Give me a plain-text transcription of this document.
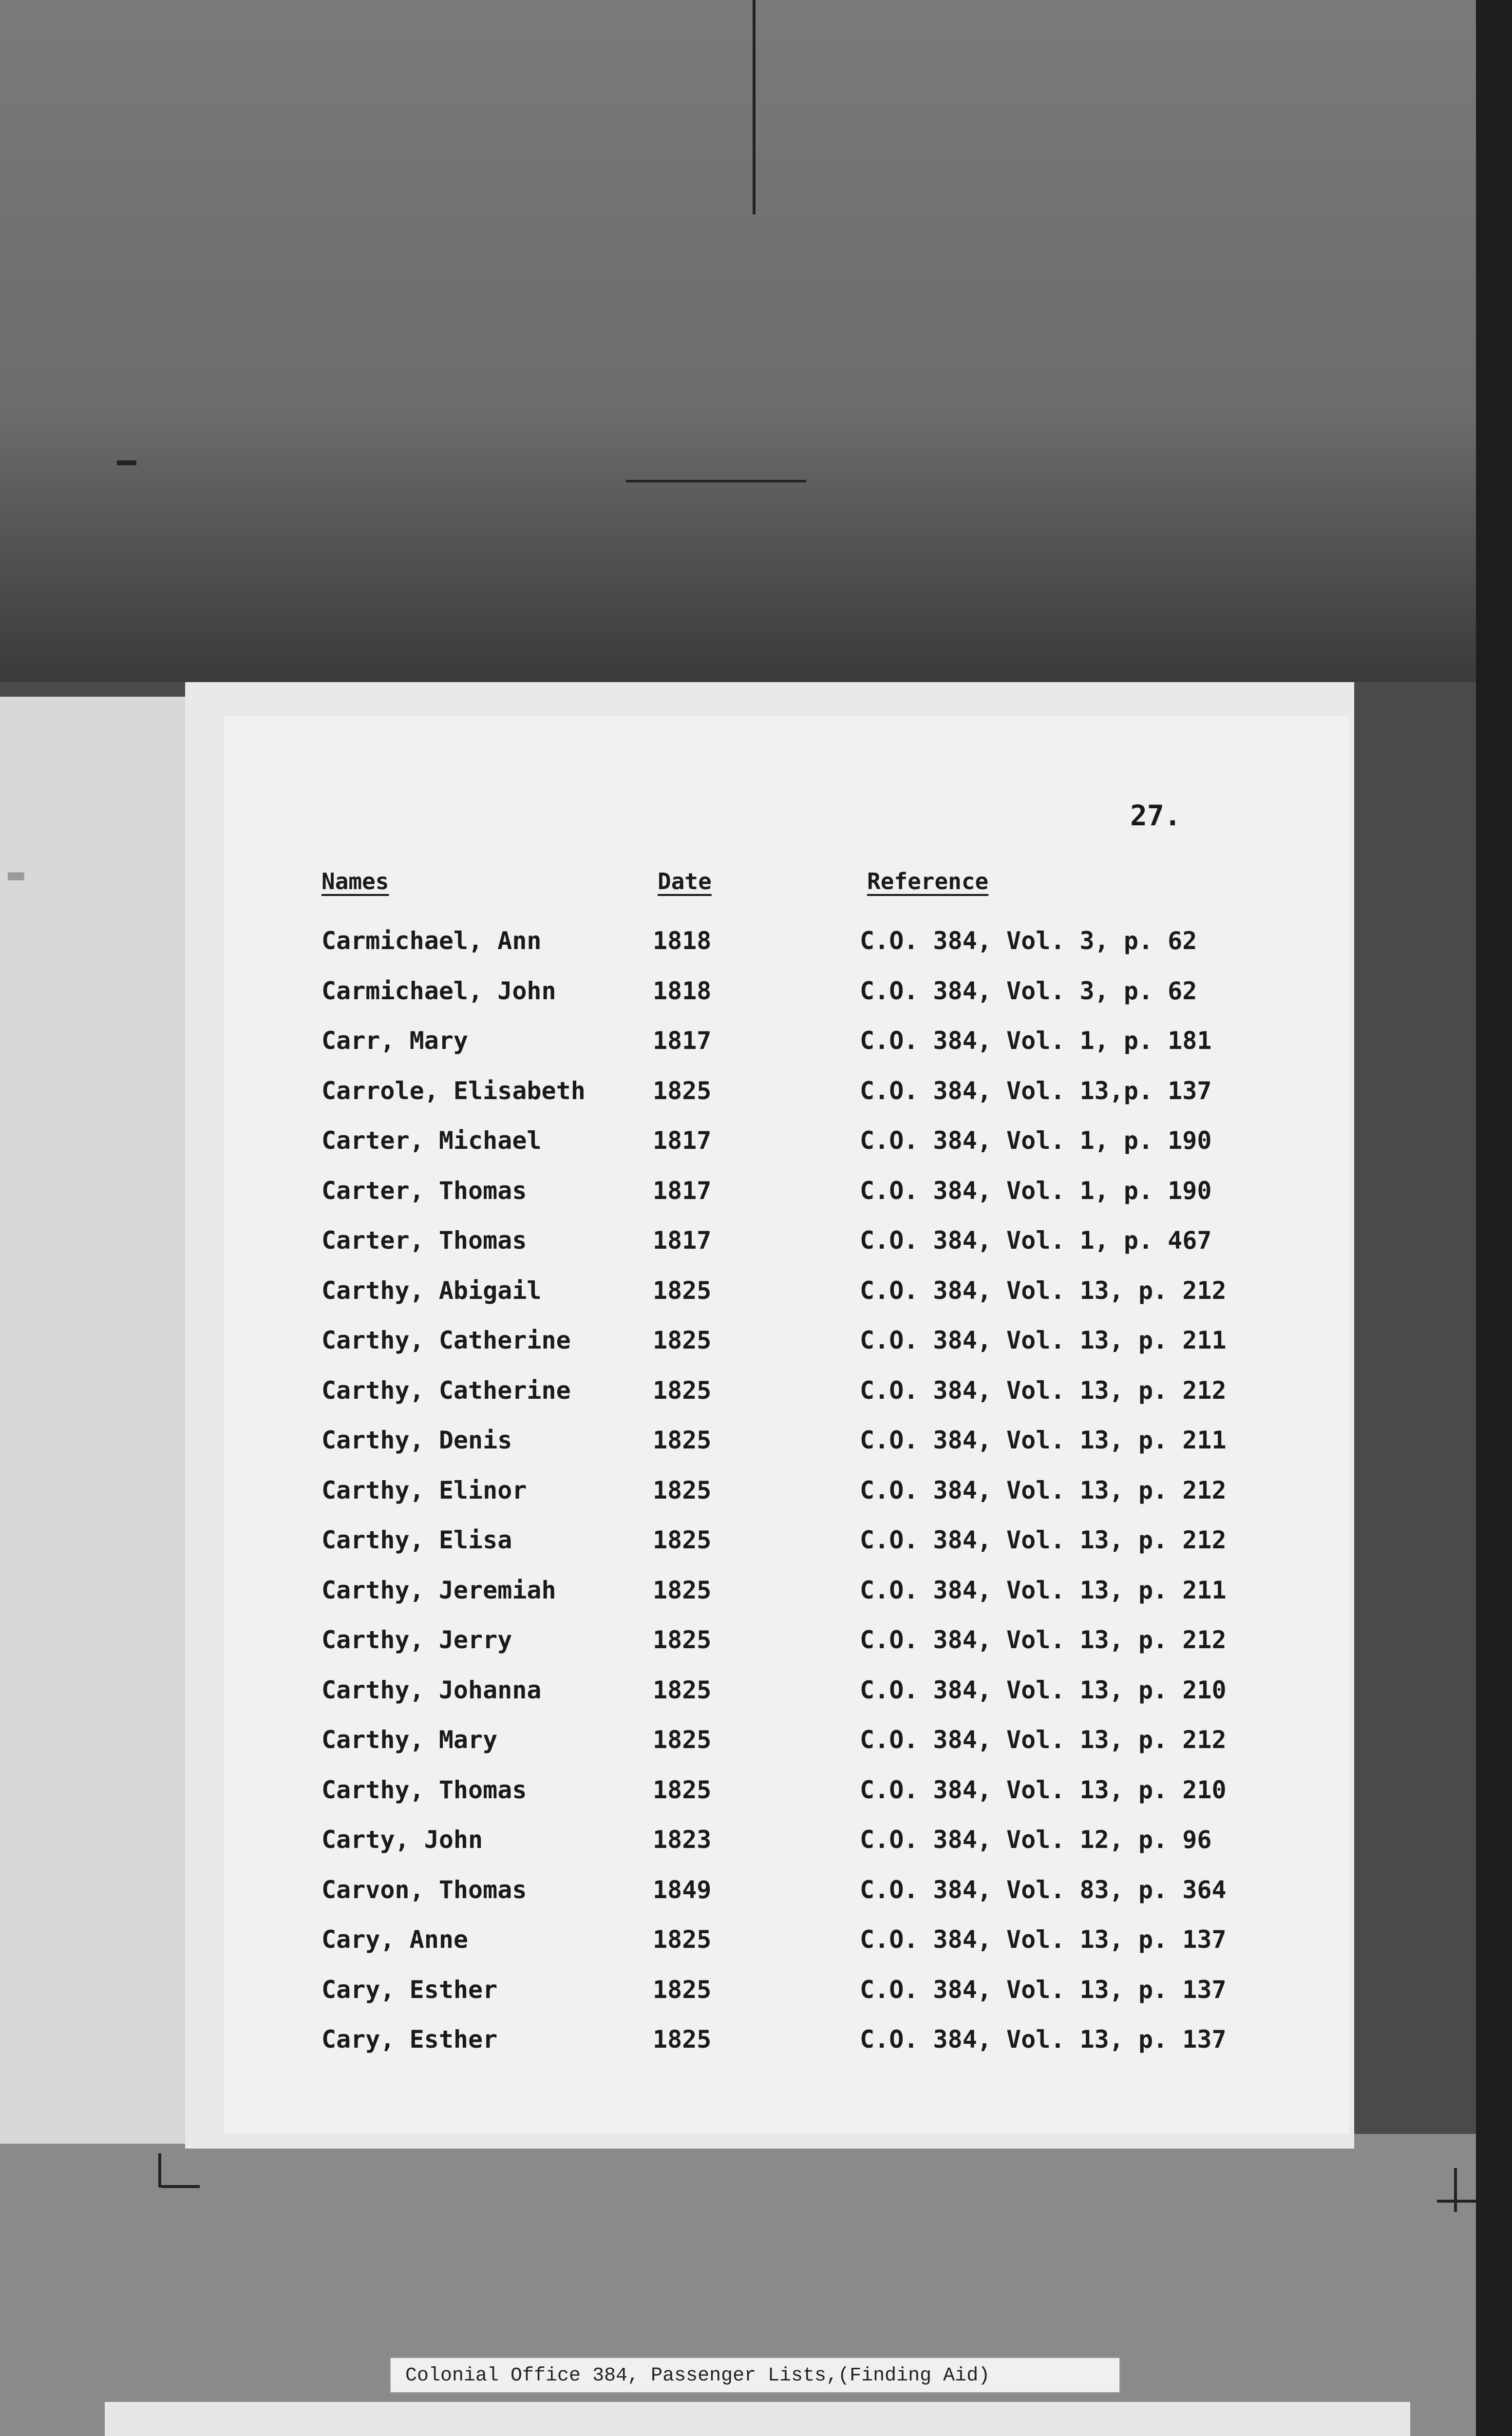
▬
27.
Names	Date	Reference
Carmichael, Ann	1818	C.O. 384, Vol. 3, p. 62
Carmichael, John	1818	C.O. 384, Vol. 3, p. 62
Carr, Mary	1817	C.O. 384, Vol. 1, p. 181
Carrole, Elisabeth	1825	C.O. 384, Vol. 13,p. 137
Carter, Michael	1817	C.O. 384, Vol. 1, p. 190
Carter, Thomas	1817	C.O. 384, Vol. 1, p. 190
Carter, Thomas	1817	C.O. 384, Vol. 1, p. 467
Carthy, Abigail	1825	C.O. 384, Vol. 13, p. 212
Carthy, Catherine	1825	C.O. 384, Vol. 13, p. 211
Carthy, Catherine	1825	C.O. 384, Vol. 13, p. 212
Carthy, Denis	1825	C.O. 384, Vol. 13, p. 211
Carthy, Elinor	1825	C.O. 384, Vol. 13, p. 212
Carthy, Elisa	1825	C.O. 384, Vol. 13, p. 212
Carthy, Jeremiah	1825	C.O. 384, Vol. 13, p. 211
Carthy, Jerry	1825	C.O. 384, Vol. 13, p. 212
Carthy, Johanna	1825	C.O. 384, Vol. 13, p. 210
Carthy, Mary	1825	C.O. 384, Vol. 13, p. 212
Carthy, Thomas	1825	C.O. 384, Vol. 13, p. 210
Carty, John	1823	C.O. 384, Vol. 12, p. 96
Carvon, Thomas	1849	C.O. 384, Vol. 83, p. 364
Cary, Anne	1825	C.O. 384, Vol. 13, p. 137
Cary, Esther	1825	C.O. 384, Vol. 13, p. 137
Cary, Esther	1825	C.O. 384, Vol. 13, p. 137
Colonial Office 384, Passenger Lists,(Finding Aid)
